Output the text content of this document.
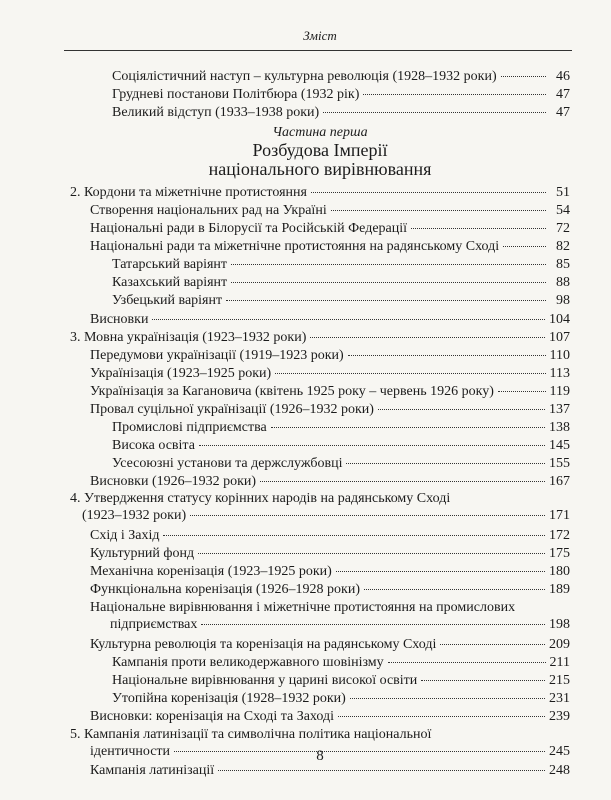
Зміст
Частина перша
Розбудова Імперії
національного вирівнювання
Соціялістичний наступ – культурна революція (1928–1932 роки)	46
Грудневі постанови Політбюра (1932 рік)	47
Великий відступ (1933–1938 роки)	47
2. Кордони та міжетнічне протистояння	51
Створення національних рад на Україні	54
Національні ради в Білорусії та Російській Федерації	72
Національні ради та міжетнічне протистояння на радянському Сході	82
Татарський варіянт	85
Казахський варіянт	88
Узбецький варіянт	98
Висновки	104
3. Мовна українізація (1923–1932 роки)	107
Передумови українізації (1919–1923 роки)	110
Українізація (1923–1925 роки)	113
Українізація за Кагановича (квітень 1925 року – червень 1926 року)	119
Провал суцільної українізації (1926–1932 роки)	137
Промислові підприємства	138
Висока освіта	145
Усесоюзні установи та держслужбовці	155
Висновки (1926–1932 роки)	167
4. Утвердження статусу корінних народів на радянському Сході
(1923–1932 роки)	171
Схід і Захід	172
Культурний фонд	175
Механічна коренізація (1923–1925 роки)	180
Функціональна коренізація (1926–1928 роки)	189
Національне вирівнювання і міжетнічне протистояння на промислових
підприємствах	198
Культурна революція та коренізація на радянському Сході	209
Кампанія проти великодержавного шовінізму	211
Національне вирівнювання у царині високої освіти	215
Утопійна коренізація (1928–1932 роки)	231
Висновки: коренізація на Сході та Заході	239
5. Кампанія латинізації та символічна політика національної
ідентичности	245
Кампанія латинізації	248
8
